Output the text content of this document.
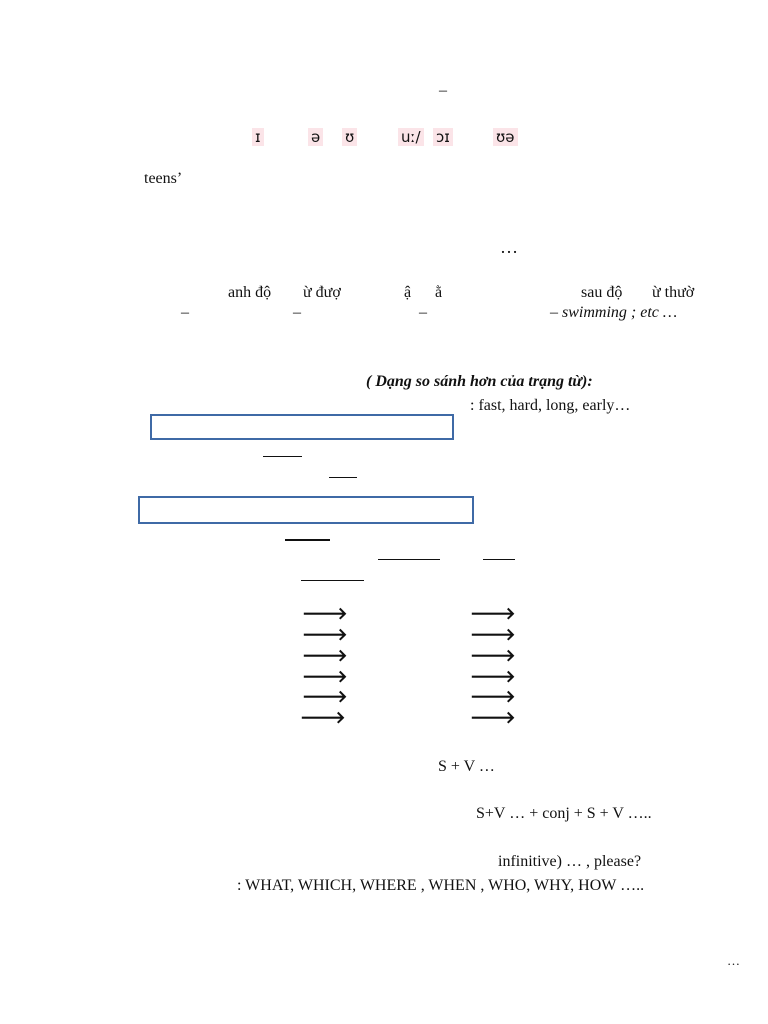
–
ɪ	ə ʊ	uː/ ɔɪ	ʊə
teens’
…
anh độ ừ đượ	ậ ằ	sau độ ừ thườ
–	–	–	– swimming ; etc …
( Dạng so sánh hơn của trạng từ):
: fast, hard, long, early…
🡒	🡒
🡒	🡒
🡒	🡒
🡒	🡒
🡒	🡒
🡒	🡒
S + V …
S+V … + conj + S + V …..
infinitive) … , please?
: WHAT, WHICH, WHERE , WHEN , WHO, WHY, HOW …..
…
